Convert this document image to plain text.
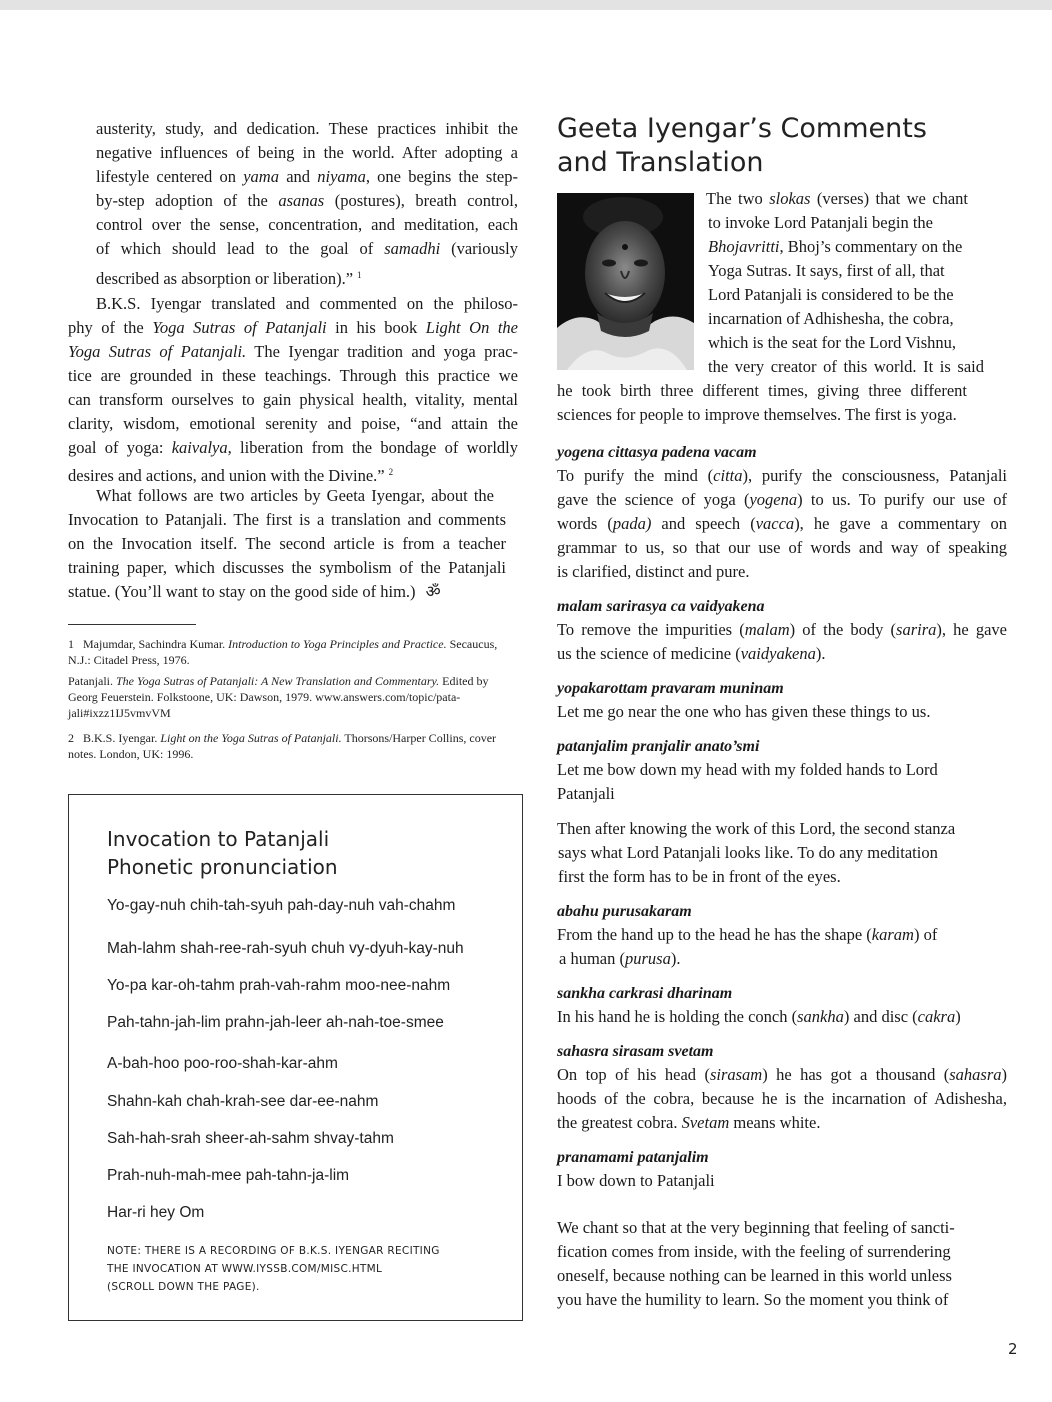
austerity, study, and dedication. These practices inhibit the
negative influences of being in the world. After adopting a
lifestyle centered on yama and niyama, one begins the step-
by-step adoption of the asanas (postures), breath control,
control over the sense, concentration, and meditation, each
of which should lead to the goal of samadhi (variously
described as absorption or liberation).” $^1$
B.K.S. Iyengar translated and commented on the philoso-
phy of the Yoga Sutras of Patanjali in his book Light On the
Yoga Sutras of Patanjali. The Iyengar tradition and yoga prac-
tice are grounded in these teachings. Through this practice we
can transform ourselves to gain physical health, vitality, mental
clarity, wisdom, emotional serenity and poise, “and attain the
goal of yoga: kaivalya, liberation from the bondage of worldly
desires and actions, and union with the Divine.” $^2$
What follows are two articles by Geeta Iyengar, about the
Invocation to Patanjali. The first is a translation and comments
on the Invocation itself. The second article is from a teacher
training paper, which discusses the symbolism of the Patanjali
statue. (You’ll want to stay on the good side of him.) ॐ
1 Majumdar, Sachindra Kumar. Introduction to Yoga Principles and Practice. Secaucus, N.J.: Citadel Press, 1976.
Patanjali. The Yoga Sutras of Patanjali: A New Translation and Commentary. Edited by Georg Feuerstein. Folkstoone, UK: Dawson, 1979. www.answers.com/topic/pata-jali#ixzz1IJ5vmvVM
2 B.K.S. Iyengar. Light on the Yoga Sutras of Patanjali. Thorsons/Harper Collins, cover notes. London, UK: 1996.
Invocation to Patanjali
Phonetic pronunciation
Yo-gay-nuh chih-tah-syuh pah-day-nuh vah-chahm
Mah-lahm shah-ree-rah-syuh chuh vy-dyuh-kay-nuh
Yo-pa kar-oh-tahm prah-vah-rahm moo-nee-nahm
Pah-tahn-jah-lim prahn-jah-leer ah-nah-toe-smee
A-bah-hoo poo-roo-shah-kar-ahm
Shahn-kah chah-krah-see dar-ee-nahm
Sah-hah-srah sheer-ah-sahm shvay-tahm
Prah-nuh-mah-mee pah-tahn-ja-lim
Har-ri hey Om
NOTE: THERE IS A RECORDING OF B.K.S. IYENGAR RECITING
THE INVOCATION AT WWW.IYSSB.COM/MISC.HTML
(SCROLL DOWN THE PAGE).
Geeta Iyengar’s Comments
and Translation
The two slokas (verses) that we chant
to invoke Lord Patanjali begin the
Bhojavritti, Bhoj’s commentary on the
Yoga Sutras. It says, first of all, that
Lord Patanjali is considered to be the
incarnation of Adhishesha, the cobra,
which is the seat for the Lord Vishnu,
the very creator of this world. It is said
he took birth three different times, giving three different
sciences for people to improve themselves. The first is yoga.
yogena cittasya padena vacam
To purify the mind (citta), purify the consciousness, Patanjali
gave the science of yoga (yogena) to us. To purify our use of
words (pada) and speech (vacca), he gave a commentary on
grammar to us, so that our use of words and way of speaking
is clarified, distinct and pure.
malam sarirasya ca vaidyakena
To remove the impurities (malam) of the body (sarira), he gave
us the science of medicine (vaidyakena).
yopakarottam pravaram muninam
Let me go near the one who has given these things to us.
patanjalim pranjalir anato’smi
Let me bow down my head with my folded hands to Lord
Patanjali
Then after knowing the work of this Lord, the second stanza
says what Lord Patanjali looks like. To do any meditation
first the form has to be in front of the eyes.
abahu purusakaram
From the hand up to the head he has the shape (karam) of
a human (purusa).
sankha carkrasi dharinam
In his hand he is holding the conch (sankha) and disc (cakra)
sahasra sirasam svetam
On top of his head (sirasam) he has got a thousand (sahasra)
hoods of the cobra, because he is the incarnation of Adishesha,
the greatest cobra. Svetam means white.
pranamami patanjalim
I bow down to Patanjali
We chant so that at the very beginning that feeling of sancti-
fication comes from inside, with the feeling of surrendering
oneself, because nothing can be learned in this world unless
you have the humility to learn. So the moment you think of
2
